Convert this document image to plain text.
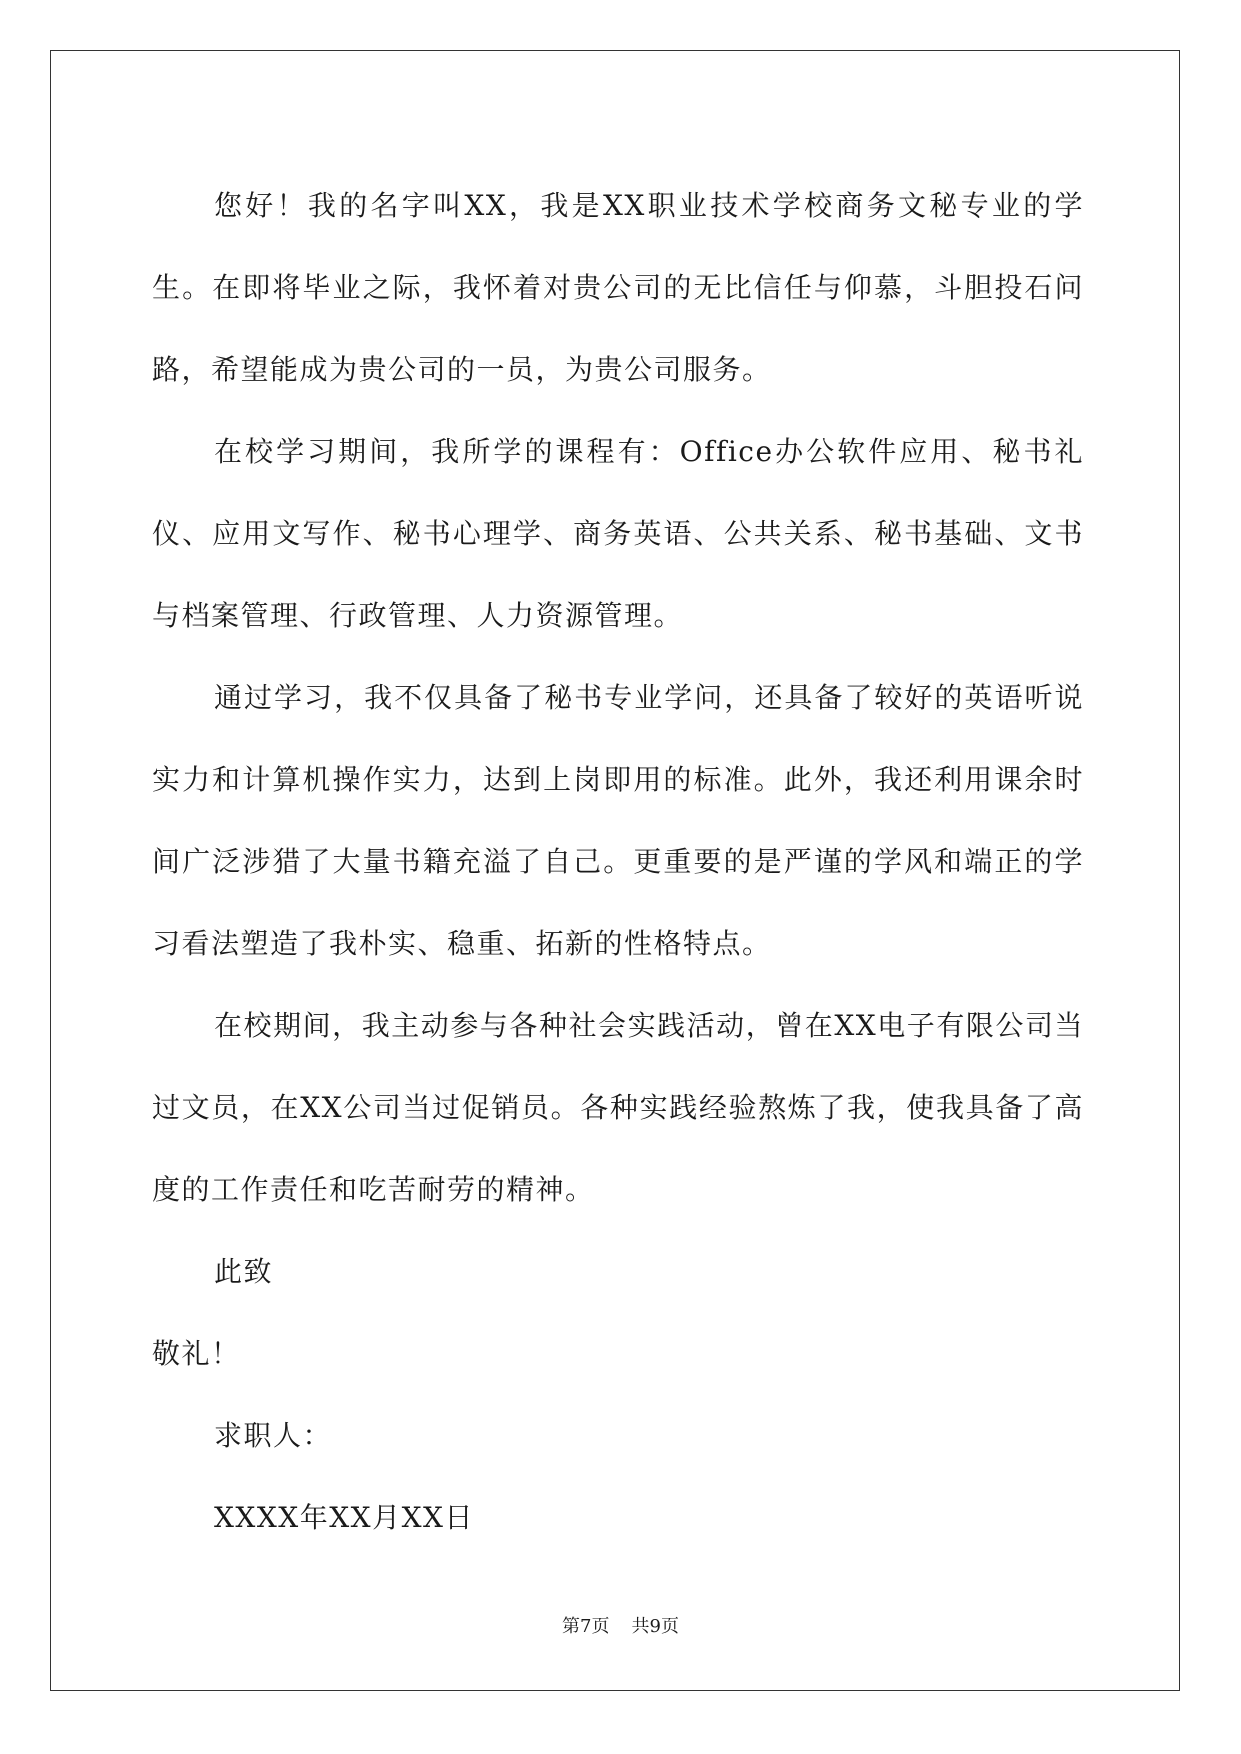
您好！我的名字叫XX，我是XX职业技术学校商务文秘专业的学生。在即将毕业之际，我怀着对贵公司的无比信任与仰慕，斗胆投石问路，希望能成为贵公司的一员，为贵公司服务。

在校学习期间，我所学的课程有：Office办公软件应用、秘书礼仪、应用文写作、秘书心理学、商务英语、公共关系、秘书基础、文书与档案管理、行政管理、人力资源管理。

通过学习，我不仅具备了秘书专业学问，还具备了较好的英语听说实力和计算机操作实力，达到上岗即用的标准。此外，我还利用课余时间广泛涉猎了大量书籍充溢了自己。更重要的是严谨的学风和端正的学习看法塑造了我朴实、稳重、拓新的性格特点。

在校期间，我主动参与各种社会实践活动，曾在XX电子有限公司当过文员，在XX公司当过促销员。各种实践经验熬炼了我，使我具备了高度的工作责任和吃苦耐劳的精神。

此致

敬礼！

求职人：

XXXX年XX月XX日

第7页 共9页
